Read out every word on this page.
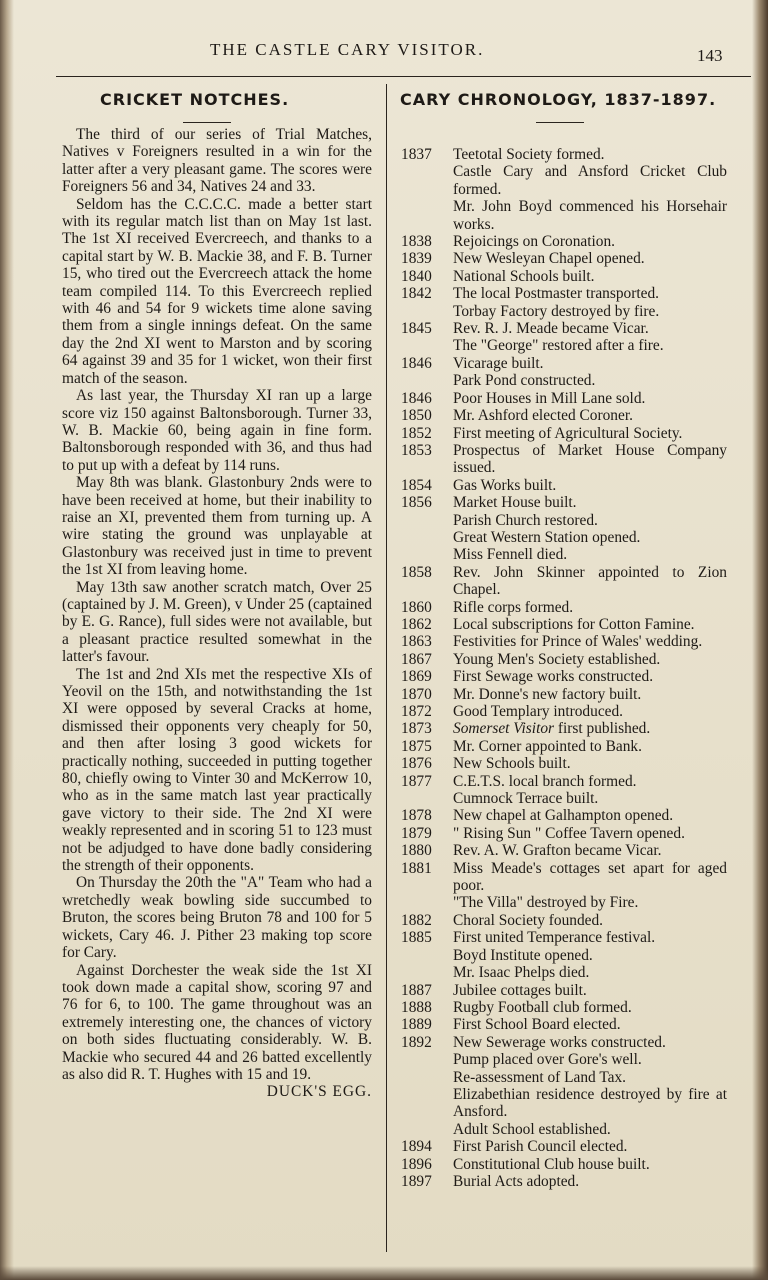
THE CASTLE CARY VISITOR.	143
CRICKET NOTCHES.	CARY CHRONOLOGY, 1837-1897.

The third of our series of Trial Matches, Natives v Foreigners resulted in a win for the latter after a very pleasant game. The scores were Foreigners 56 and 34, Natives 24 and 33.

Seldom has the C.C.C.C. made a better start with its regular match list than on May 1st last. The 1st XI received Evercreech, and thanks to a capital start by W. B. Mackie 38, and F. B. Turner 15, who tired out the Evercreech attack the home team compiled 114. To this Evercreech replied with 46 and 54 for 9 wickets time alone saving them from a single innings defeat. On the same day the 2nd XI went to Marston and by scoring 64 against 39 and 35 for 1 wicket, won their first match of the season.

As last year, the Thursday XI ran up a large score viz 150 against Baltonsborough. Turner 33, W. B. Mackie 60, being again in fine form. Baltonsborough responded with 36, and thus had to put up with a defeat by 114 runs.

May 8th was blank. Glastonbury 2nds were to have been received at home, but their inability to raise an XI, prevented them from turning up. A wire stating the ground was unplayable at Glastonbury was received just in time to prevent the 1st XI from leaving home.

May 13th saw another scratch match, Over 25 (captained by J. M. Green), v Under 25 (captained by E. G. Rance), full sides were not available, but a pleasant practice resulted somewhat in the latter's favour.

The 1st and 2nd XIs met the respective XIs of Yeovil on the 15th, and notwithstanding the 1st XI were opposed by several Cracks at home, dismissed their opponents very cheaply for 50, and then after losing 3 good wickets for practically nothing, succeeded in putting together 80, chiefly owing to Vinter 30 and McKerrow 10, who as in the same match last year practically gave victory to their side. The 2nd XI were weakly represented and in scoring 51 to 123 must not be adjudged to have done badly considering the strength of their opponents.

On Thursday the 20th the "A" Team who had a wretchedly weak bowling side succumbed to Bruton, the scores being Bruton 78 and 100 for 5 wickets, Cary 46. J. Pither 23 making top score for Cary.

Against Dorchester the weak side the 1st XI took down made a capital show, scoring 97 and 76 for 6, to 100. The game throughout was an extremely interesting one, the chances of victory on both sides fluctuating considerably. W. B. Mackie who secured 44 and 26 batted excellently as also did R. T. Hughes with 15 and 19.

DUCK'S EGG.

1837	Teetotal Society formed.
Castle Cary and Ansford Cricket Club formed.
Mr. John Boyd commenced his Horsehair works.
1838	Rejoicings on Coronation.
1839	New Wesleyan Chapel opened.
1840	National Schools built.
1842	The local Postmaster transported.
Torbay Factory destroyed by fire.
1845	Rev. R. J. Meade became Vicar.
The "George" restored after a fire.
1846	Vicarage built.
Park Pond constructed.
1846	Poor Houses in Mill Lane sold.
1850	Mr. Ashford elected Coroner.
1852	First meeting of Agricultural Society.
1853	Prospectus of Market House Company issued.
1854	Gas Works built.
1856	Market House built.
Parish Church restored.
Great Western Station opened.
Miss Fennell died.
1858	Rev. John Skinner appointed to Zion Chapel.
1860	Rifle corps formed.
1862	Local subscriptions for Cotton Famine.
1863	Festivities for Prince of Wales' wedding.
1867	Young Men's Society established.
1869	First Sewage works constructed.
1870	Mr. Donne's new factory built.
1872	Good Templary introduced.
1873	Somerset Visitor first published.
1875	Mr. Corner appointed to Bank.
1876	New Schools built.
1877	C.E.T.S. local branch formed.
Cumnock Terrace built.
1878	New chapel at Galhampton opened.
1879	" Rising Sun " Coffee Tavern opened.
1880	Rev. A. W. Grafton became Vicar.
1881	Miss Meade's cottages set apart for aged poor.
"The Villa" destroyed by Fire.
1882	Choral Society founded.
1885	First united Temperance festival.
Boyd Institute opened.
Mr. Isaac Phelps died.
1887	Jubilee cottages built.
1888	Rugby Football club formed.
1889	First School Board elected.
1892	New Sewerage works constructed.
Pump placed over Gore's well.
Re-assessment of Land Tax.
Elizabethian residence destroyed by fire at Ansford.
Adult School established.
1894	First Parish Council elected.
1896	Constitutional Club house built.
1897	Burial Acts adopted.
